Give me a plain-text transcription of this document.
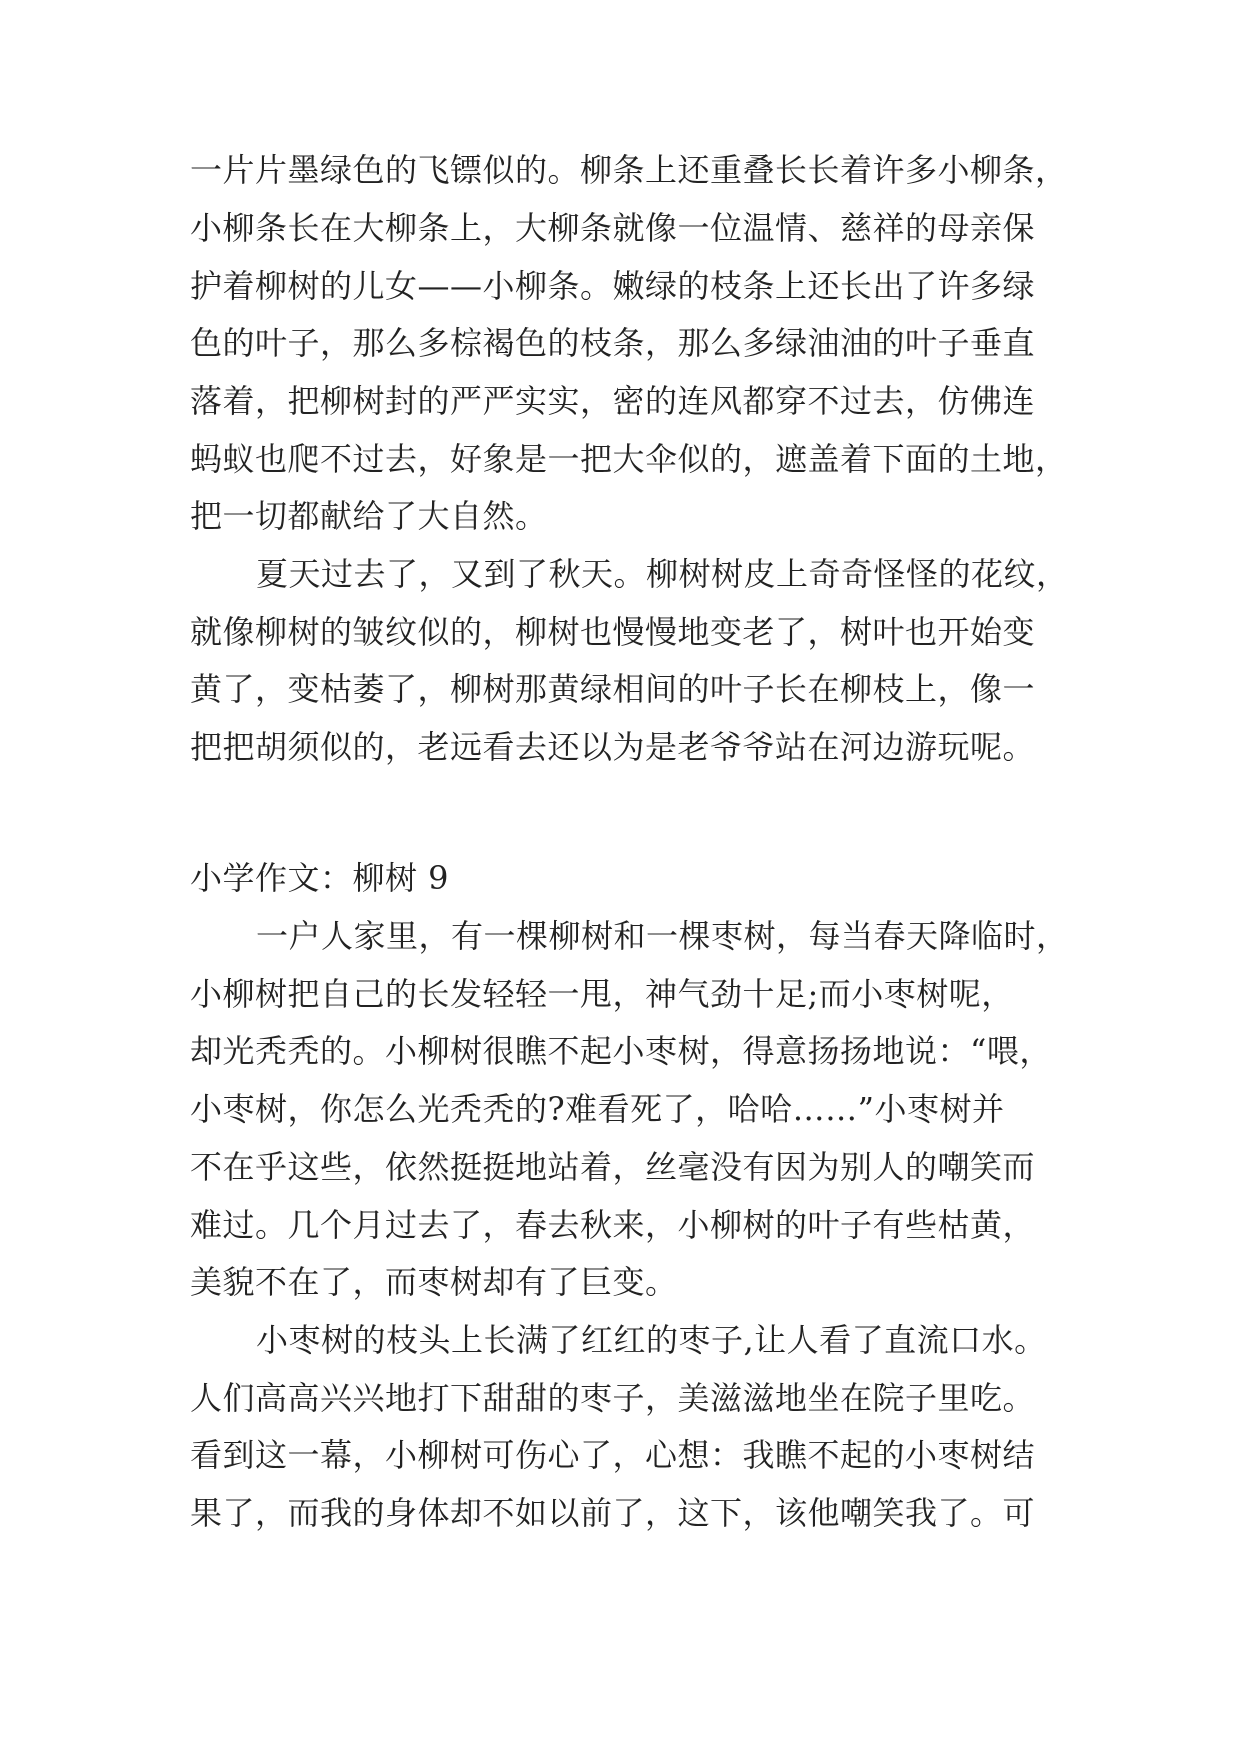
一片片墨绿色的飞镖似的。柳条上还重叠长长着许多小柳条，
小柳条长在大柳条上，大柳条就像一位温情、慈祥的母亲保
护着柳树的儿女——小柳条。嫩绿的枝条上还长出了许多绿
色的叶子，那么多棕褐色的枝条，那么多绿油油的叶子垂直
落着，把柳树封的严严实实，密的连风都穿不过去，仿佛连
蚂蚁也爬不过去，好象是一把大伞似的，遮盖着下面的土地，
把一切都献给了大自然。
夏天过去了，又到了秋天。柳树树皮上奇奇怪怪的花纹，
就像柳树的皱纹似的，柳树也慢慢地变老了，树叶也开始变
黄了，变枯萎了，柳树那黄绿相间的叶子长在柳枝上，像一
把把胡须似的，老远看去还以为是老爷爷站在河边游玩呢。
小学作文：柳树 9
一户人家里，有一棵柳树和一棵枣树，每当春天降临时，
小柳树把自己的长发轻轻一甩，神气劲十足;而小枣树呢，
却光秃秃的。小柳树很瞧不起小枣树，得意扬扬地说：“喂，
小枣树，你怎么光秃秃的?难看死了，哈哈……”小枣树并
不在乎这些，依然挺挺地站着，丝毫没有因为别人的嘲笑而
难过。几个月过去了，春去秋来，小柳树的叶子有些枯黄，
美貌不在了，而枣树却有了巨变。
小枣树的枝头上长满了红红的枣子,让人看了直流口水。
人们高高兴兴地打下甜甜的枣子，美滋滋地坐在院子里吃。
看到这一幕，小柳树可伤心了，心想：我瞧不起的小枣树结
果了，而我的身体却不如以前了，这下，该他嘲笑我了。可
